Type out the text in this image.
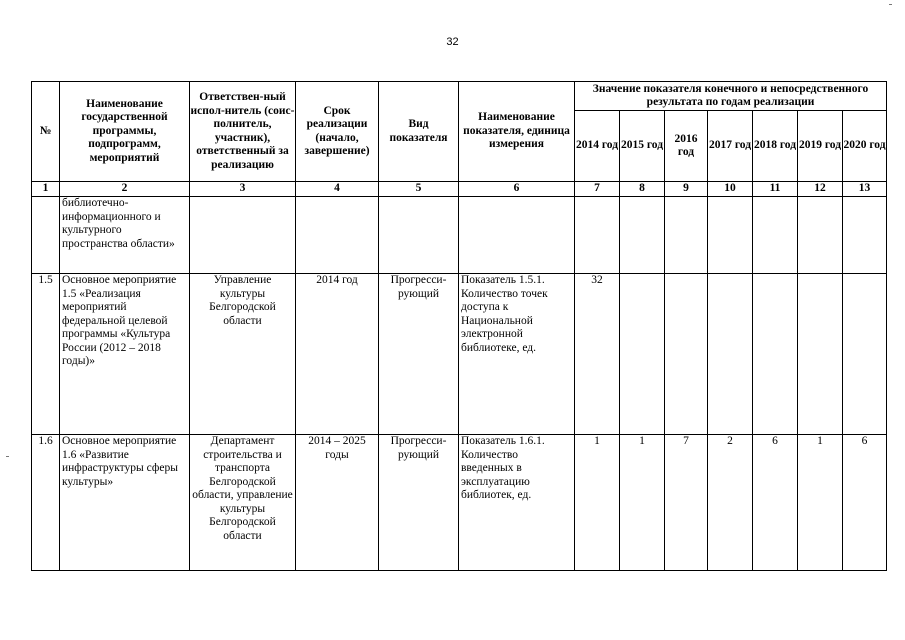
32
№	Наименование государственной программы, подпрограмм, мероприятий	Ответствен-ный испол-нитель (соис-полнитель, участник), ответственный за реализацию	Срок реализации (начало, завершение)	Вид показателя	Наименование показателя, единица измерения	Значение показателя конечного и непосредственного результата по годам реализации						
						2014 год	2015 год	2016 год	2017 год	2018 год	2019 год	2020 год
1	2	3	4	5	6	7	8	9	10	11	12	13
	библиотечно-информационного и культурного пространства области»											
1.5	Основное мероприятие 1.5 «Реализация мероприятий федеральной целевой программы «Культура России (2012 – 2018 годы)»	Управление культуры Белгородской области	2014 год	Прогресси-рующий	Показатель 1.5.1. Количество точек доступа к Национальной электронной библиотеке, ед.	32						
1.6	Основное мероприятие 1.6 «Развитие инфраструктуры сферы культуры»	Департамент строительства и транспорта Белгородской области, управление культуры Белгородской области	2014 – 2025 годы	Прогресси-рующий	Показатель 1.6.1. Количество введенных в эксплуатацию библиотек, ед.	1	1	7	2	6	1	6
